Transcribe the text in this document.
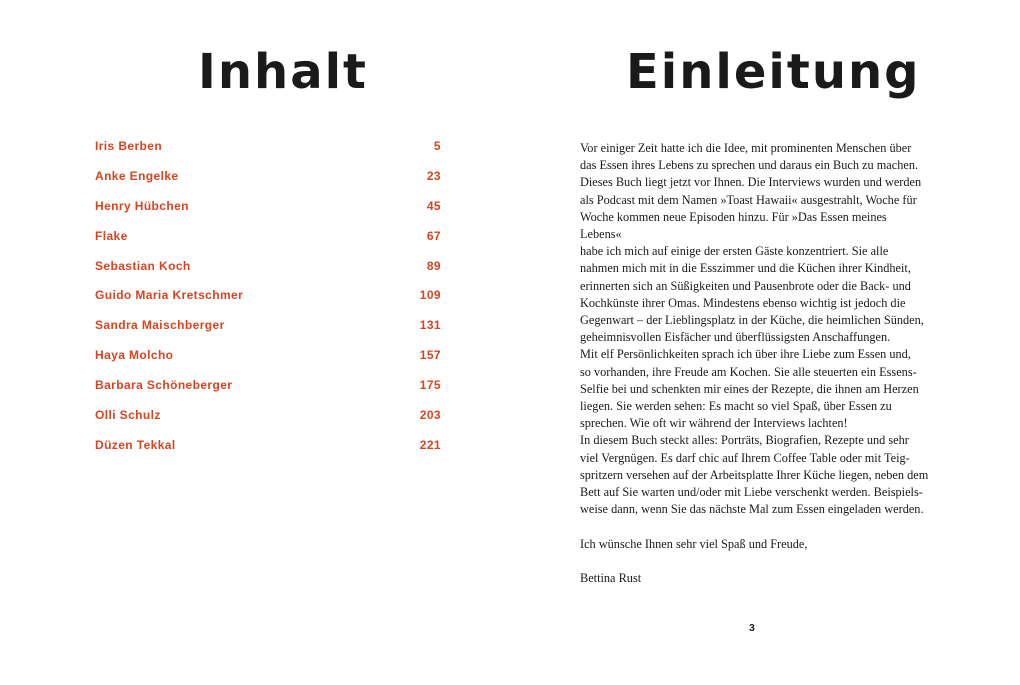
Inhalt
Iris Berben	5
Anke Engelke	23
Henry Hübchen	45
Flake	67
Sebastian Koch	89
Guido Maria Kretschmer	109
Sandra Maischberger	131
Haya Molcho	157
Barbara Schöneberger	175
Olli Schulz	203
Düzen Tekkal	221
Einleitung

Vor einiger Zeit hatte ich die Idee, mit prominenten Menschen über

das Essen ihres Lebens zu sprechen und daraus ein Buch zu machen.

Dieses Buch liegt jetzt vor Ihnen. Die Interviews wurden und werden

als Podcast mit dem Namen »Toast Hawaii« ausgestrahlt, Woche für

Woche kommen neue Episoden hinzu. Für »Das Essen meines Lebens«

habe ich mich auf einige der ersten Gäste konzentriert. Sie alle

nahmen mich mit in die Esszimmer und die Küchen ihrer Kindheit,

erinnerten sich an Süßigkeiten und Pausenbrote oder die Back- und

Kochkünste ihrer Omas. Mindestens ebenso wichtig ist jedoch die

Gegenwart – der Lieblingsplatz in der Küche, die heimlichen Sünden,

geheimnisvollen Eisfächer und überflüssigsten Anschaffungen.

Mit elf Persönlichkeiten sprach ich über ihre Liebe zum Essen und,

so vorhanden, ihre Freude am Kochen. Sie alle steuerten ein Essens-

Selfie bei und schenkten mir eines der Rezepte, die ihnen am Herzen

liegen. Sie werden sehen: Es macht so viel Spaß, über Essen zu

sprechen. Wie oft wir während der Interviews lachten!

In diesem Buch steckt alles: Porträts, Biografien, Rezepte und sehr

viel Vergnügen. Es darf chic auf Ihrem Coffee Table oder mit Teig-

spritzern versehen auf der Arbeitsplatte Ihrer Küche liegen, neben dem

Bett auf Sie warten und/oder mit Liebe verschenkt werden. Beispiels-

weise dann, wenn Sie das nächste Mal zum Essen eingeladen werden.

Ich wünsche Ihnen sehr viel Spaß und Freude,

Bettina Rust

3
